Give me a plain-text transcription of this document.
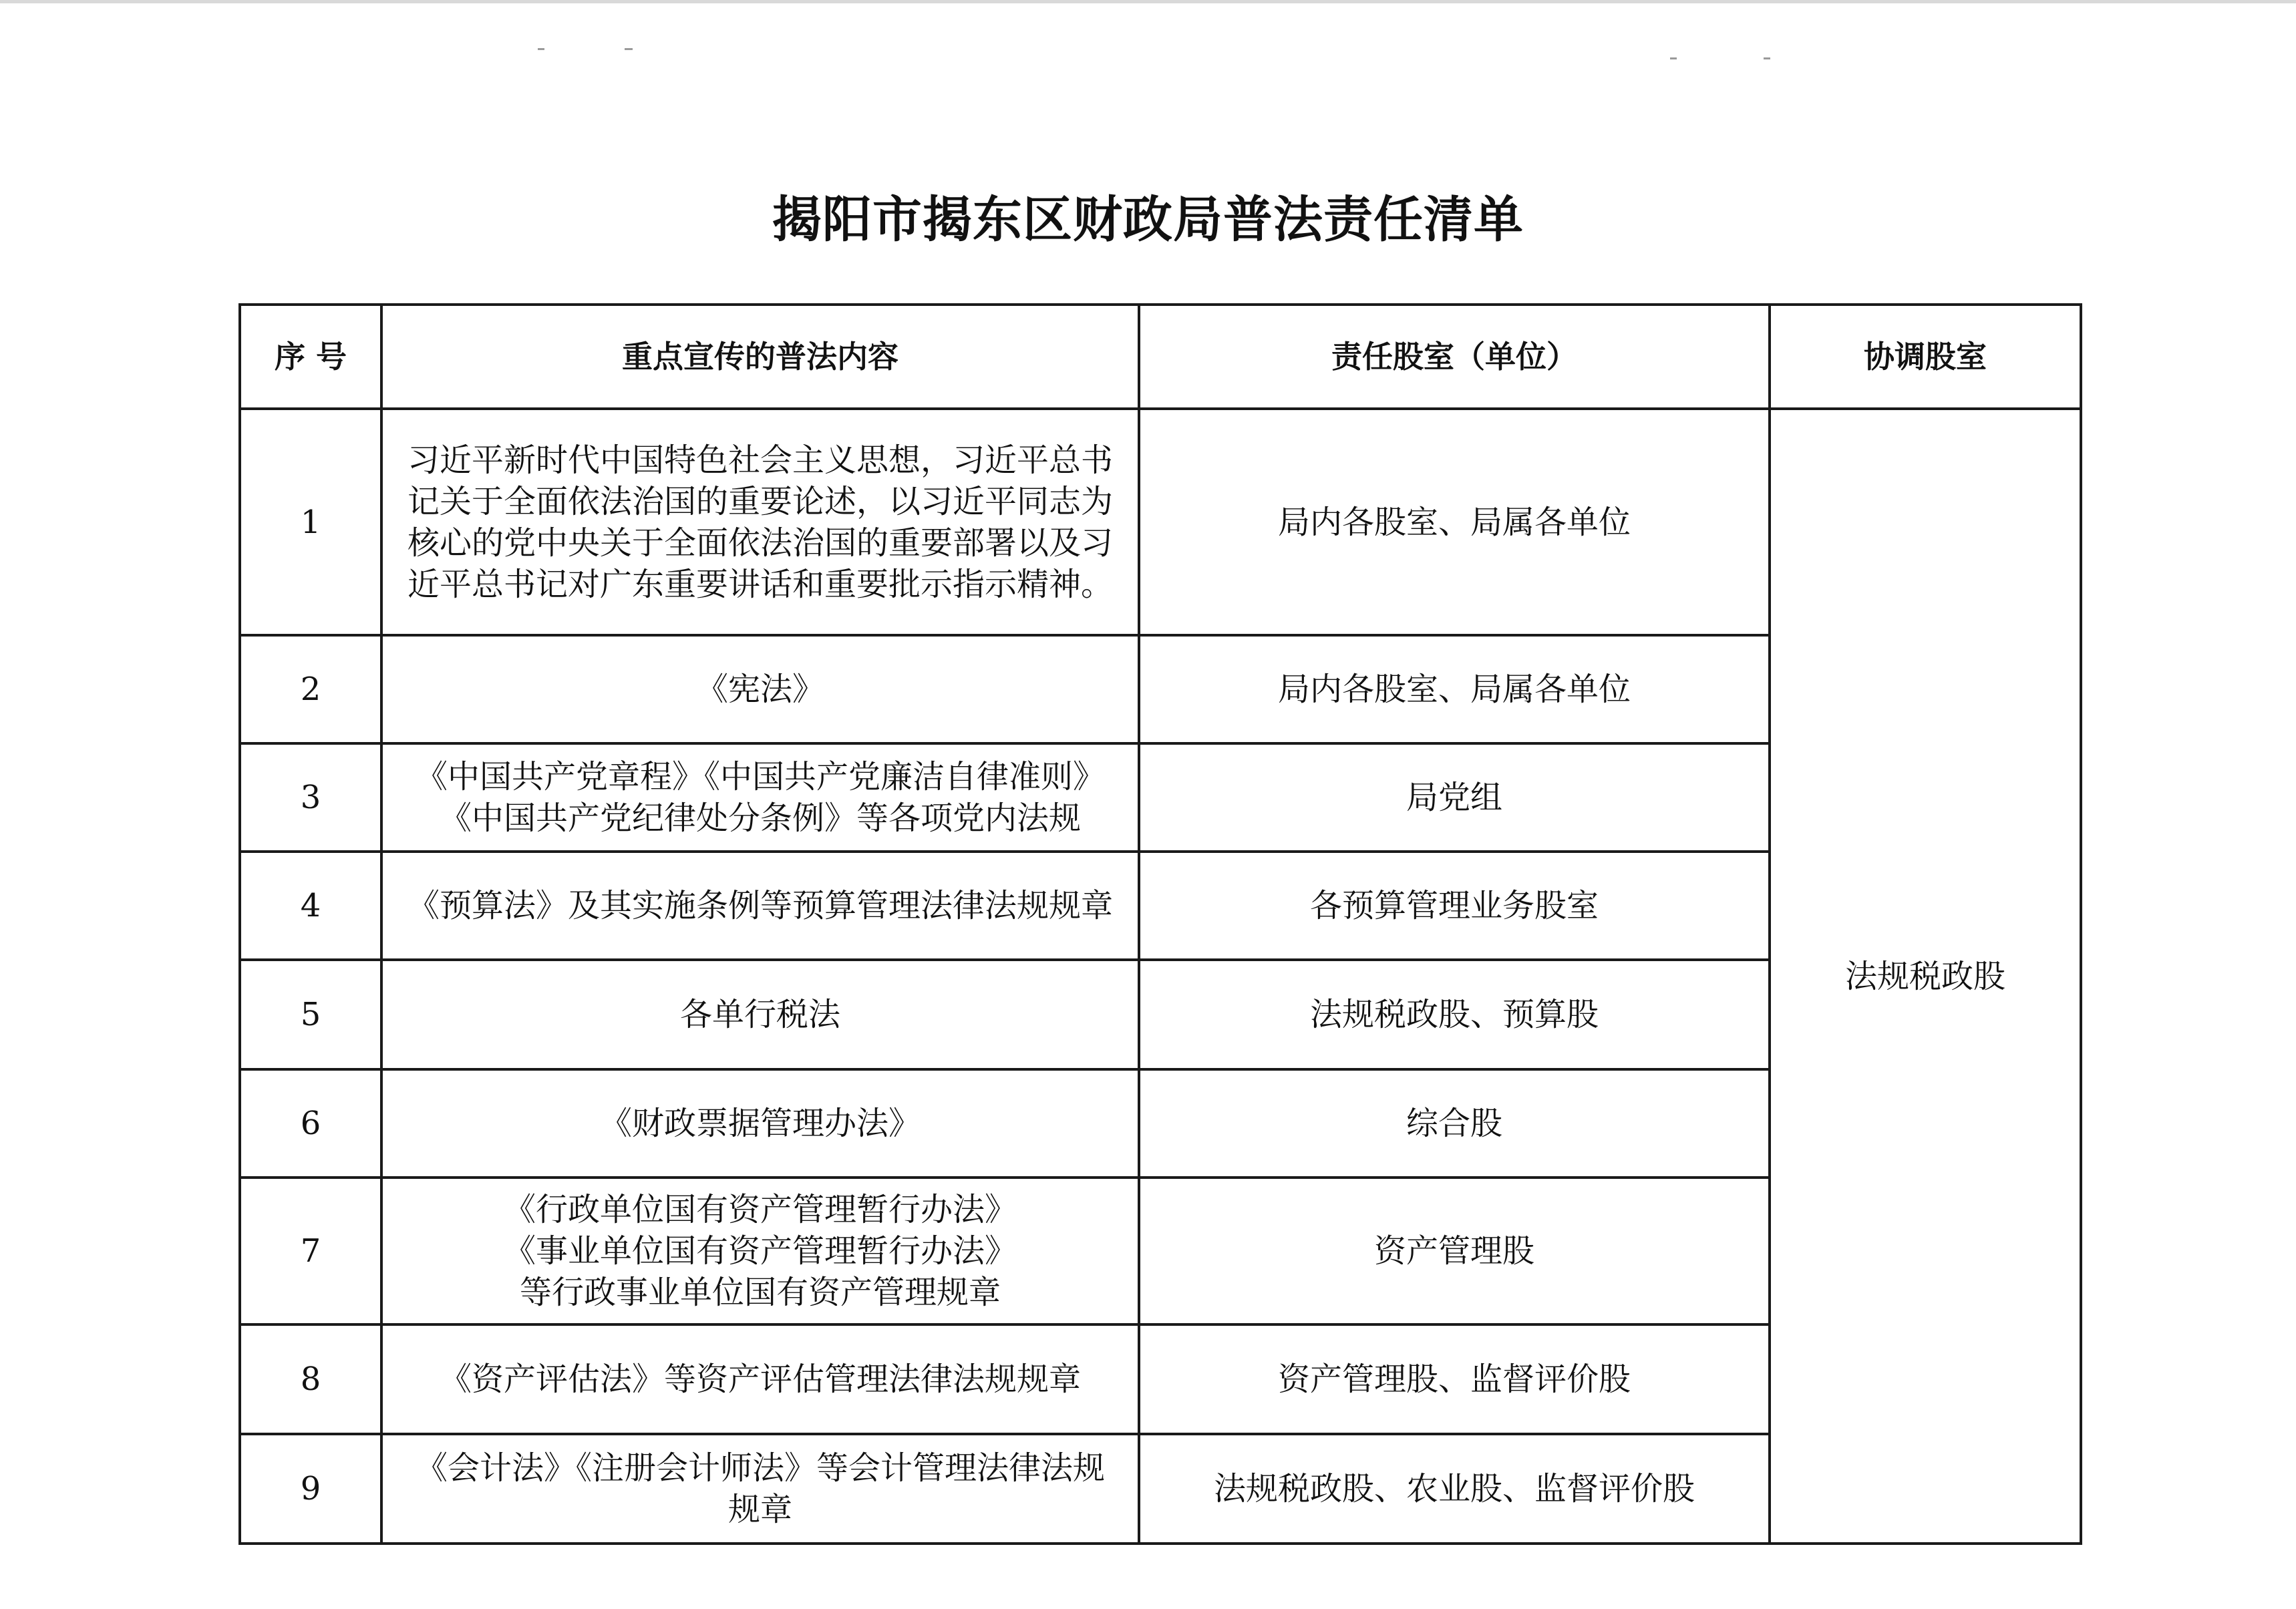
揭阳市揭东区财政局普法责任清单
序 号	重点宣传的普法内容	责任股室（单位）	协调股室
1	习近平新时代中国特色社会主义思想，习近平总书
记关于全面依法治国的重要论述，以习近平同志为
核心的党中央关于全面依法治国的重要部署以及习
近平总书记对广东重要讲话和重要批示指示精神。	局内各股室、局属各单位	法规税政股
2	《宪法》	局内各股室、局属各单位	
3	《中国共产党章程》《中国共产党廉洁自律准则》
《中国共产党纪律处分条例》等各项党内法规	局党组	
4	《预算法》及其实施条例等预算管理法律法规规章	各预算管理业务股室	
5	各单行税法	法规税政股、预算股	
6	《财政票据管理办法》	综合股	
7	《行政单位国有资产管理暂行办法》
《事业单位国有资产管理暂行办法》
等行政事业单位国有资产管理规章	资产管理股	
8	《资产评估法》等资产评估管理法律法规规章	资产管理股、监督评价股	
9	《会计法》《注册会计师法》等会计管理法律法规
规章	法规税政股、农业股、监督评价股	
